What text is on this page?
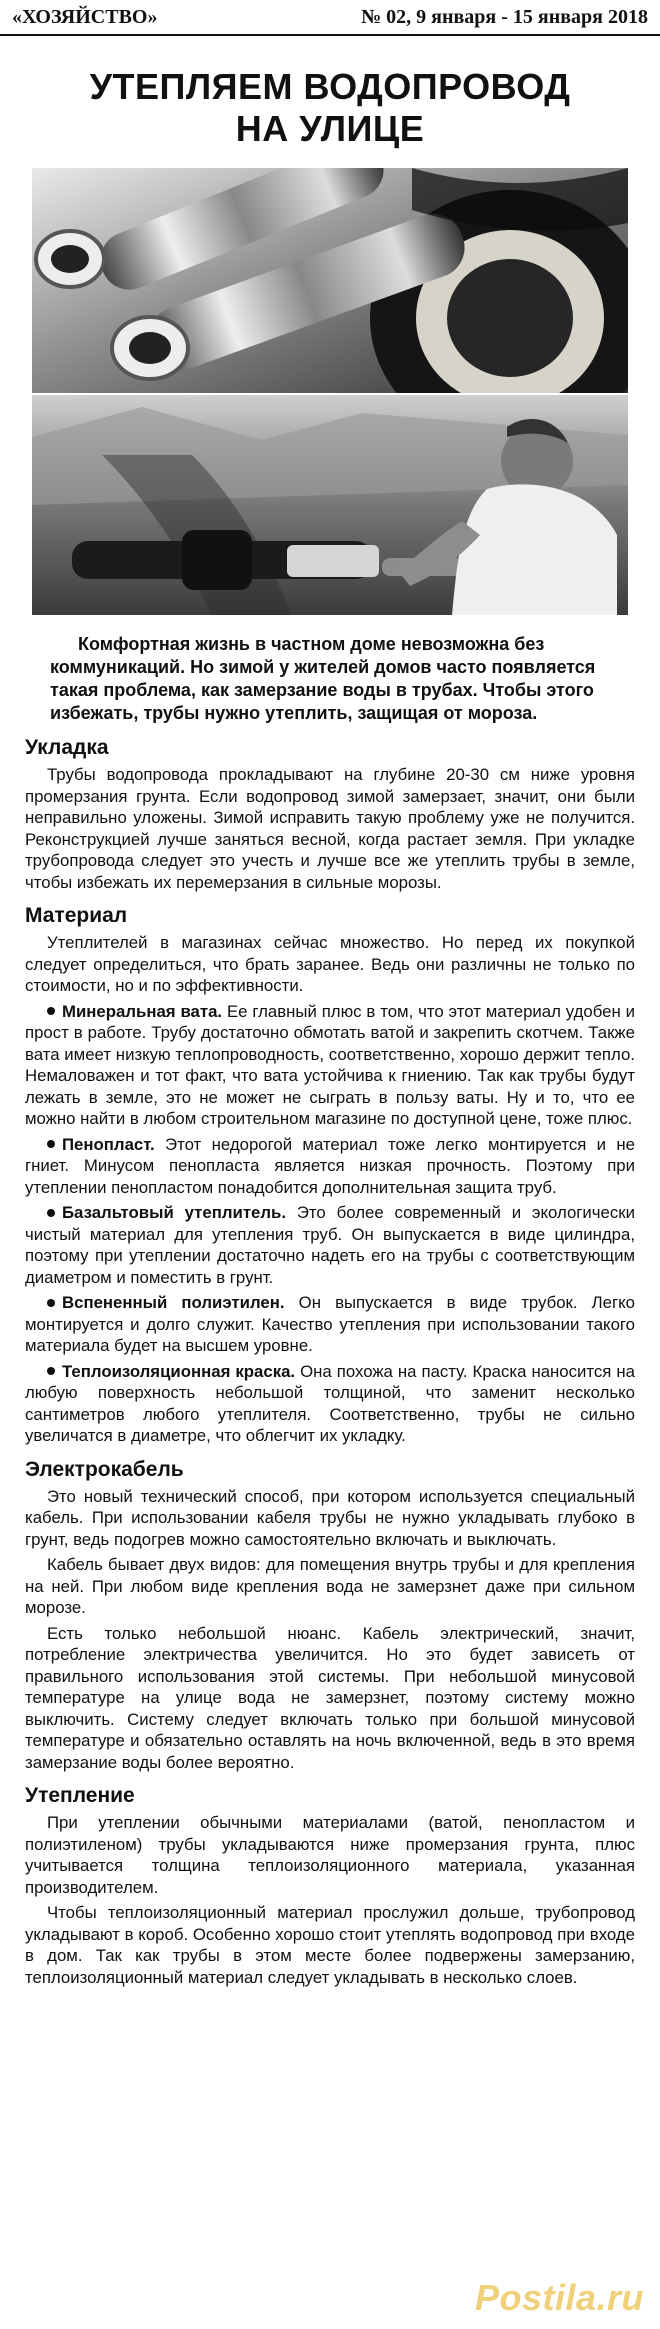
«ХОЗЯЙСТВО»	№ 02, 9 января - 15 января 2018
УТЕПЛЯЕМ ВОДОПРОВОД
НА УЛИЦЕ
Комфортная жизнь в частном доме невозможна без коммуникаций. Но зимой у жителей домов часто появляется такая проблема, как замерзание воды в трубах. Чтобы этого избежать, трубы нужно утеплить, защищая от мороза.
Укладка

Трубы водопровода прокладывают на глубине 20-30 см ниже уровня промерзания грунта. Если водопровод зимой замерзает, значит, они были неправильно уложены. Зимой исправить такую проблему уже не получится. Реконструкцией лучше заняться весной, когда растает земля. При укладке трубопровода следует это учесть и лучше все же утеплить трубы в земле, чтобы избежать их перемерзания в сильные морозы.

Материал

Утеплителей в магазинах сейчас множество. Но перед их покупкой следует определиться, что брать заранее. Ведь они различны не только по стоимости, но и по эффективности.

Минеральная вата. Ее главный плюс в том, что этот материал удобен и прост в работе. Трубу достаточно обмотать ватой и закрепить скотчем. Также вата имеет низкую теплопроводность, соответственно, хорошо держит тепло. Немаловажен и тот факт, что вата устойчива к гниению. Так как трубы будут лежать в земле, это не может не сыграть в пользу ваты. Ну и то, что ее можно найти в любом строительном магазине по доступной цене, тоже плюс.

Пенопласт. Этот недорогой материал тоже легко монтируется и не гниет. Минусом пенопласта является низкая прочность. Поэтому при утеплении пенопластом понадобится дополнительная защита труб.

Базальтовый утеплитель. Это более современный и экологически чистый материал для утепления труб. Он выпускается в виде цилиндра, поэтому при утеплении достаточно надеть его на трубы с соответствующим диаметром и поместить в грунт.

Вспененный полиэтилен. Он выпускается в виде трубок. Легко монтируется и долго служит. Качество утепления при использовании такого материала будет на высшем уровне.

Теплоизоляционная краска. Она похожа на пасту. Краска наносится на любую поверхность небольшой толщиной, что заменит несколько сантиметров любого утеплителя. Соответственно, трубы не сильно увеличатся в диаметре, что облегчит их укладку.

Электрокабель

Это новый технический способ, при котором используется специальный кабель. При использовании кабеля трубы не нужно укладывать глубоко в грунт, ведь подогрев можно самостоятельно включать и выключать.

Кабель бывает двух видов: для помещения внутрь трубы и для крепления на ней. При любом виде крепления вода не замерзнет даже при сильном морозе.

Есть только небольшой нюанс. Кабель электрический, значит, потребление электричества увеличится. Но это будет зависеть от правильного использования этой системы. При небольшой минусовой температуре на улице вода не замерзнет, поэтому систему можно выключить. Систему следует включать только при большой минусовой температуре и обязательно оставлять на ночь включенной, ведь в это время замерзание воды более вероятно.

Утепление

При утеплении обычными материалами (ватой, пенопластом и полиэтиленом) трубы укладываются ниже промерзания грунта, плюс учитывается толщина теплоизоляционного материала, указанная производителем.

Чтобы теплоизоляционный материал прослужил дольше, трубопровод укладывают в короб. Особенно хорошо стоит утеплять водопровод при входе в дом. Так как трубы в этом месте более подвержены замерзанию, теплоизоляционный материал следует укладывать в несколько слоев.

Postila.ru
